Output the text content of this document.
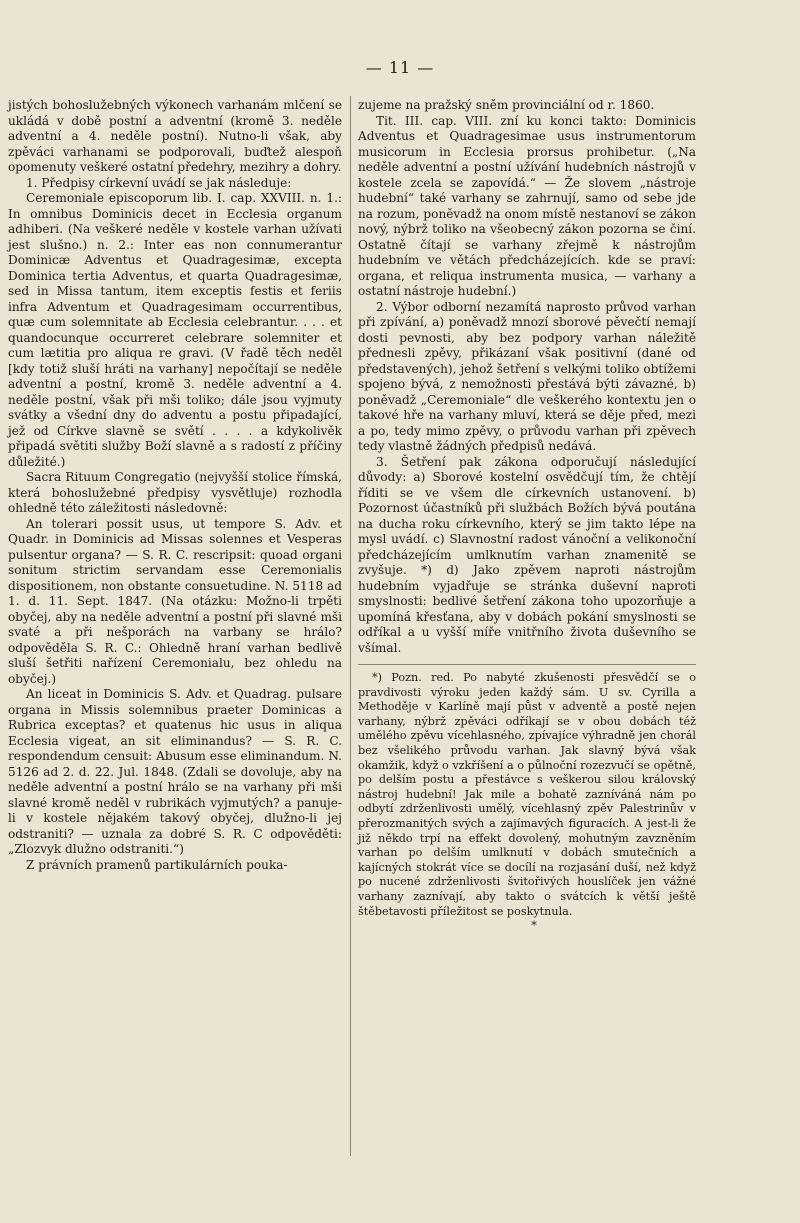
— 11 —

jistých bohoslužebných výkonech varhanám mlčení se ukládá v době postní a adventní (kromě 3. neděle adventní a 4. neděle postní). Nutno-li však, aby zpěváci varhanami se podporovali, buďtež alespoň opomenuty veškeré ostatní předehry, mezihry a dohry.

1. Předpisy církevní uvádí se jak následuje:

Ceremoniale episcoporum lib. I. cap. XXVIII. n. 1.: In omnibus Dominicis decet in Ecclesia organum adhiberi. (Na veškeré neděle v kostele varhan užívati jest slušno.) n. 2.: Inter eas non connumerantur Dominicæ Adventus et Quadragesimæ, excepta Dominica tertia Adventus, et quarta Quadragesimæ, sed in Missa tantum, item exceptis festis et feriis infra Adventum et Quadragesimam occurrentibus, quæ cum solemnitate ab Ecclesia celebrantur. . . . et quandocunque occurreret celebrare solemniter et cum lætitia pro aliqua re gravi. (V řadě těch neděl [kdy totiž sluší hráti na varhany] nepočítají se neděle adventní a postní, kromě 3. neděle adventní a 4. neděle postní, však při mši toliko; dále jsou vyjmuty svátky a všední dny do adventu a postu připadající, jež od Církve slavně se světí . . . . a kdykolivěk připadá světiti služby Boží slavně a s radostí z příčiny důležité.)

Sacra Rituum Congregatio (nejvyšší stolice římská, která bohoslužebné předpisy vysvětluje) rozhodla ohledně této záležitosti následovně:

An tolerari possit usus, ut tempore S. Adv. et Quadr. in Dominicis ad Missas solennes et Vesperas pulsentur organa? — S. R. C. rescripsit: quoad organi sonitum strictim servandam esse Ceremonialis dispositionem, non obstante consuetudine. N. 5118 ad 1. d. 11. Sept. 1847. (Na otázku: Možno-li trpěti obyčej, aby na neděle adventní a postní při slavné mši svaté a při nešporách na varbany se hrálo? odpověděla S. R. C.: Ohledně hraní varhan bedlivě sluší šetřiti nařízení Ceremonialu, bez ohledu na obyčej.)

An liceat in Dominicis S. Adv. et Quadrag. pulsare organa in Missis solemnibus praeter Dominicas a Rubrica exceptas? et quatenus hic usus in aliqua Ecclesia vigeat, an sit eliminandus? — S. R. C. respondendum censuit: Abusum esse eliminandum. N. 5126 ad 2. d. 22. Jul. 1848. (Zdali se dovoluje, aby na neděle adventní a postní hrálo se na varhany při mši slavné kromě neděl v rubrikách vyjmutých? a panuje-li v kostele nějakém takový obyčej, dlužno-li jej odstraniti? — uznala za dobré S. R. C odpověděti: „Zlozvyk dlužno odstraniti.“)

Z právních pramenů partikulárních pouka-

zujeme na pražský sněm provinciální od r. 1860.

Tit. III. cap. VIII. zní ku konci takto: Dominicis Adventus et Quadragesimae usus instrumentorum musicorum in Ecclesia prorsus prohibetur. („Na neděle adventní a postní užívání hudebních nástrojů v kostele zcela se zapovídá.“ — Že slovem „nástroje hudební“ také varhany se zahrnují, samo od sebe jde na rozum, poněvadž na onom místě nestanoví se zákon nový, nýbrž toliko na všeobecný zákon pozorna se činí. Ostatně čítají se varhany zřejmě k nástrojům hudebním ve větách předcházejících. kde se praví: organa, et reliqua instrumenta musica, — varhany a ostatní nástroje hudební.)

2. Výbor odborní nezamítá naprosto průvod varhan při zpívání, a) poněvadž mnozí sborové pěvečtí nemají dosti pevnosti, aby bez podpory varhan náležitě přednesli zpěvy, přikázaní však positivní (dané od představených), jehož šetření s velkými toliko obtížemi spojeno bývá, z nemožnosti přestává býti závazné, b) poněvadž „Ceremoniale“ dle veškerého kontextu jen o takové hře na varhany mluví, která se děje před, mezi a po, tedy mimo zpěvy, o průvodu varhan při zpěvech tedy vlastně žádných předpisů nedává.

3. Šetření pak zákona odporučují následující důvody: a) Sborové kostelní osvědčují tím, že chtějí říditi se ve všem dle církevních ustanovení. b) Pozornost účastníků při službách Božích bývá poutána na ducha roku církevního, který se jim takto lépe na mysl uvádí. c) Slavnostní radost vánoční a velikonoční předcházejícím umlknutím varhan znamenitě se zvyšuje. *) d) Jako zpěvem naproti nástrojům hudebním vyjadřuje se stránka duševní naproti smyslnosti: bedlivé šetření zákona toho upozorňuje a upomíná křesťana, aby v dobách pokání smyslnosti se odříkal a u vyšší míře vnitřního života duševního se všímal.

*) Pozn. red. Po nabyté zkušenosti přesvědčí se o pravdivosti výroku jeden každý sám. U sv. Cyrilla a Methoděje v Karlíně mají půst v adventě a postě nejen varhany, nýbrž zpěváci odříkají se v obou dobách též umělého zpěvu vícehlasného, zpívajíce výhradně jen chorál bez všelikého průvodu varhan. Jak slavný bývá však okamžik, když o vzkříšení a o půlnoční rozezvučí se opětně, po delším postu a přestávce s veškerou silou královský nástroj hudební! Jak mile a bohatě zazníváná nám po odbytí zdrženlivosti umělý, vícehlasný zpěv Palestrinův v přerozmanitých svých a zajímavých figuracích. A jest-li že již někdo trpí na effekt dovolený, mohutným zavzněním varhan po delším umlknutí v dobách smutečních a kajícných stokrát více se docílí na rozjasání duší, než když po nucené zdrženlivosti švitořivých houslíček jen vážné varhany zaznívají, aby takto o svátcích k větší ještě štěbetavosti příležitost se poskytnula.

*
